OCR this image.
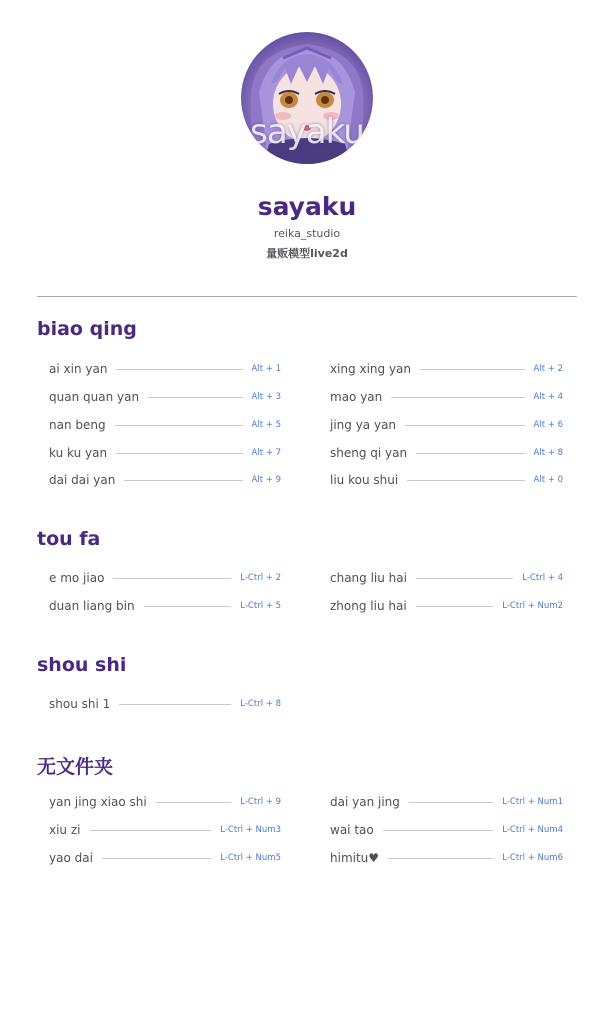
sayaku
sayaku
reika_studio
量贩模型live2d
biao qing
ai xin yan	Alt + 1	xing xing yan	Alt + 2
quan quan yan	Alt + 3	mao yan	Alt + 4
nan beng	Alt + 5	jing ya yan	Alt + 6
ku ku yan	Alt + 7	sheng qi yan	Alt + 8
dai dai yan	Alt + 9	liu kou shui	Alt + 0
tou fa
e mo jiao	L-Ctrl + 2	chang liu hai	L-Ctrl + 4
duan liang bin	L-Ctrl + 5	zhong liu hai	L-Ctrl + Num2
shou shi
shou shi 1	L-Ctrl + 8
无文件夹
yan jing xiao shi	L-Ctrl + 9	dai yan jing	L-Ctrl + Num1
xiu zi	L-Ctrl + Num3	wai tao	L-Ctrl + Num4
yao dai	L-Ctrl + Num5	himitu♥	L-Ctrl + Num6
